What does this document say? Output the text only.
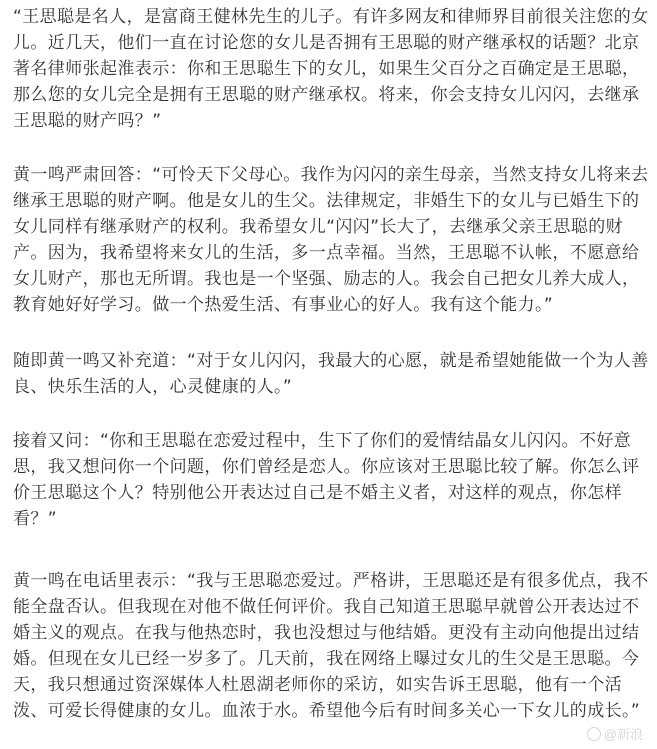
“王思聪是名人，是富商王健林先生的儿子。有许多网友和律师界目前很关注您的女儿。近几天，他们一直在讨论您的女儿是否拥有王思聪的财产继承权的话题？北京著名律师张起淮表示：你和王思聪生下的女儿，如果生父百分之百确定是王思聪，那么您的女儿完全是拥有王思聪的财产继承权。将来，你会支持女儿闪闪，去继承王思聪的财产吗？”

黄一鸣严肃回答：“可怜天下父母心。我作为闪闪的亲生母亲，当然支持女儿将来去继承王思聪的财产啊。他是女儿的生父。法律规定，非婚生下的女儿与已婚生下的女儿同样有继承财产的权利。我希望女儿“闪闪”长大了，去继承父亲王思聪的财产。因为，我希望将来女儿的生活，多一点幸福。当然，王思聪不认帐，不愿意给女儿财产，那也无所谓。我也是一个坚强、励志的人。我会自己把女儿养大成人，教育她好好学习。做一个热爱生活、有事业心的好人。我有这个能力。”

随即黄一鸣又补充道：“对于女儿闪闪，我最大的心愿，就是希望她能做一个为人善良、快乐生活的人，心灵健康的人。”

接着又问：“你和王思聪在恋爱过程中，生下了你们的爱情结晶女儿闪闪。不好意思，我又想问你一个问题，你们曾经是恋人。你应该对王思聪比较了解。你怎么评价王思聪这个人？特别他公开表达过自己是不婚主义者，对这样的观点，你怎样看？”

黄一鸣在电话里表示：“我与王思聪恋爱过。严格讲，王思聪还是有很多优点，我不能全盘否认。但我现在对他不做任何评价。我自己知道王思聪早就曾公开表达过不婚主义的观点。在我与他热恋时，我也没想过与他结婚。更没有主动向他提出过结婚。但现在女儿已经一岁多了。几天前，我在网络上曝过女儿的生父是王思聪。今天，我只想通过资深媒体人杜恩湖老师你的采访，如实告诉王思聪，他有一个活泼、可爱长得健康的女儿。血浓于水。希望他今后有时间多关心一下女儿的成长。”

@新浪
